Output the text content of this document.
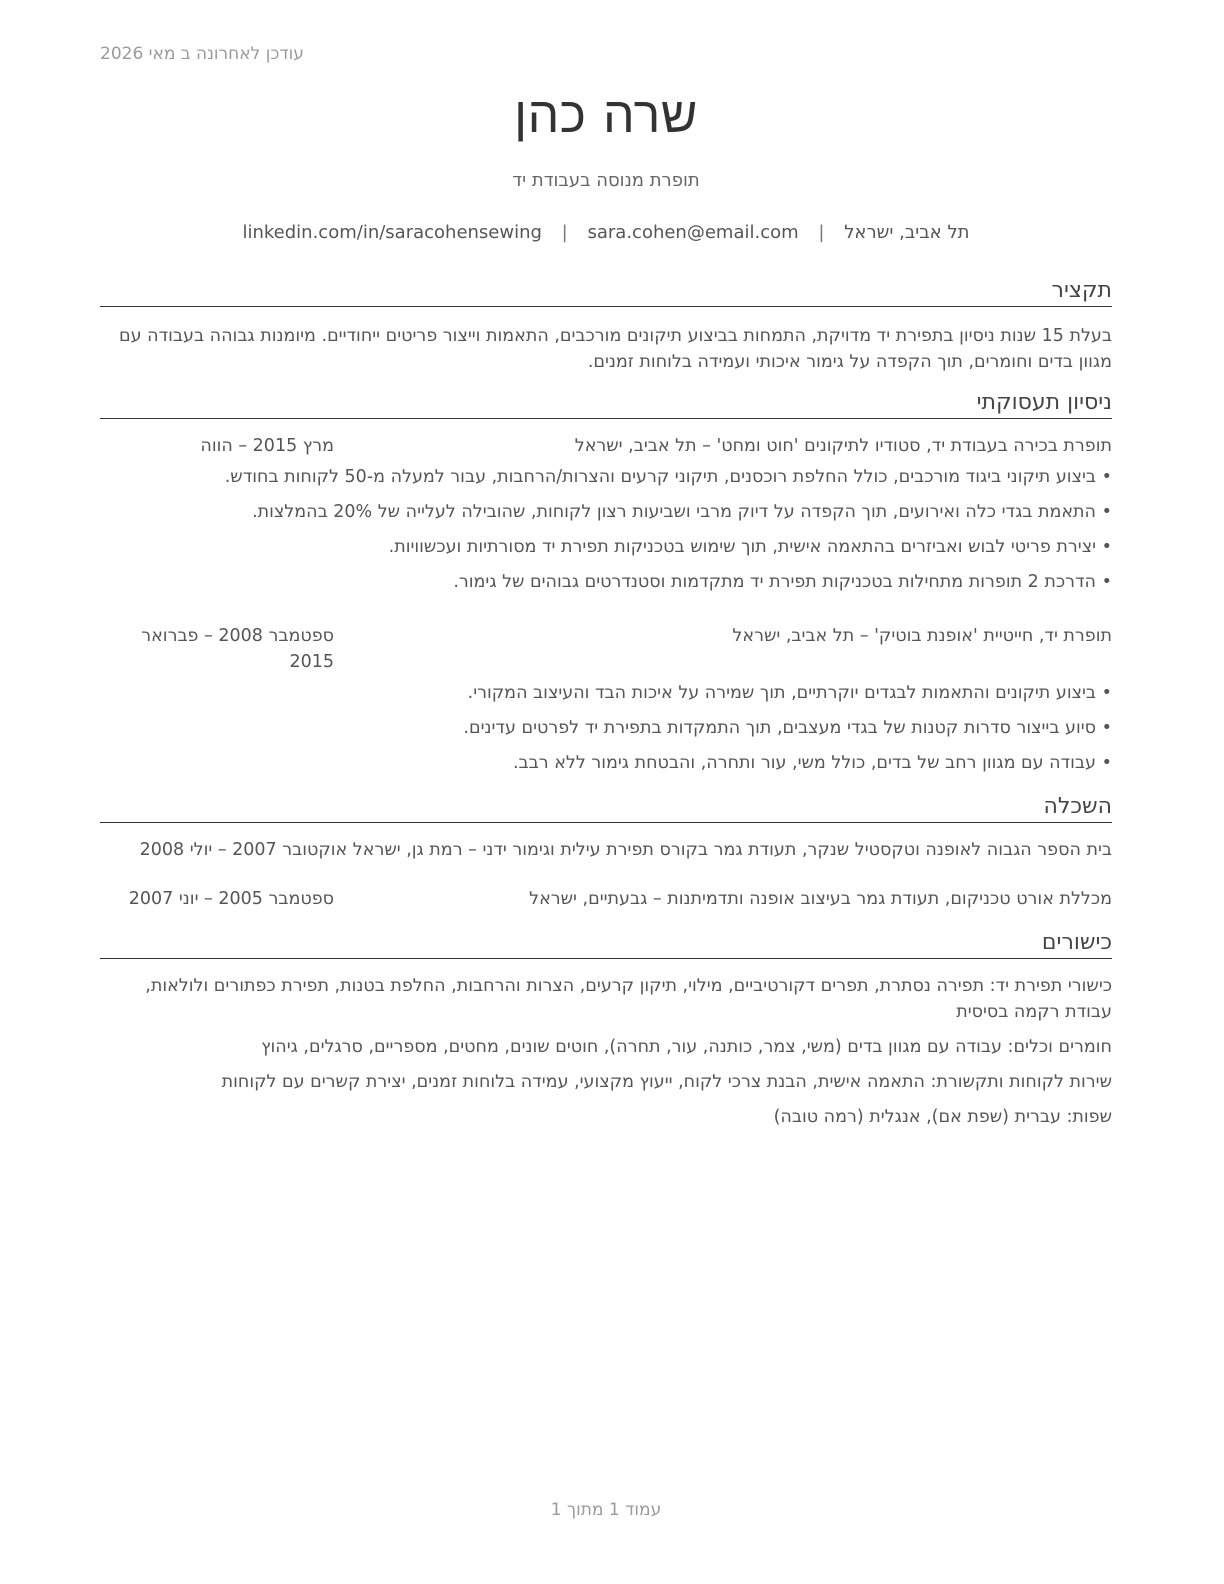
עודכן לאחרונה ב מאי 2026
שרה כהן
תופרת מנוסה בעבודת יד
תל אביב, ישראל | sara.cohen@email.com | linkedin.com/in/saracohensewing
תקציר
בעלת 15 שנות ניסיון בתפירת יד מדויקת, התמחות בביצוע תיקונים מורכבים, התאמות וייצור פריטים ייחודיים. מיומנות גבוהה בעבודה עם מגוון בדים וחומרים, תוך הקפדה על גימור איכותי ועמידה בלוחות זמנים.
ניסיון תעסוקתי
תופרת בכירה בעבודת יד, סטודיו לתיקונים 'חוט ומחט' – תל אביב, ישראל
מרץ 2015 – הווה
• ביצוע תיקוני ביגוד מורכבים, כולל החלפת רוכסנים, תיקוני קרעים והצרות/הרחבות, עבור למעלה מ-50 לקוחות בחודש.
• התאמת בגדי כלה ואירועים, תוך הקפדה על דיוק מרבי ושביעות רצון לקוחות, שהובילה לעלייה של 20% בהמלצות.
• יצירת פריטי לבוש ואביזרים בהתאמה אישית, תוך שימוש בטכניקות תפירת יד מסורתיות ועכשוויות.
• הדרכת 2 תופרות מתחילות בטכניקות תפירת יד מתקדמות וסטנדרטים גבוהים של גימור.
תופרת יד, חייטיית 'אופנת בוטיק' – תל אביב, ישראל
ספטמבר 2008 – פברואר 2015
• ביצוע תיקונים והתאמות לבגדים יוקרתיים, תוך שמירה על איכות הבד והעיצוב המקורי.
• סיוע בייצור סדרות קטנות של בגדי מעצבים, תוך התמקדות בתפירת יד לפרטים עדינים.
• עבודה עם מגוון רחב של בדים, כולל משי, עור ותחרה, והבטחת גימור ללא רבב.
השכלה
בית הספר הגבוה לאופנה וטקסטיל שנקר, תעודת גמר בקורס תפירת עילית וגימור ידני – רמת גן, ישראל אוקטובר 2007 – יולי 2008
מכללת אורט טכניקום, תעודת גמר בעיצוב אופנה ותדמיתנות – גבעתיים, ישראל
ספטמבר 2005 – יוני 2007
כישורים
כישורי תפירת יד: תפירה נסתרת, תפרים דקורטיביים, מילוי, תיקון קרעים, הצרות והרחבות, החלפת בטנות, תפירת כפתורים ולולאות, עבודת רקמה בסיסית
חומרים וכלים: עבודה עם מגוון בדים (משי, צמר, כותנה, עור, תחרה), חוטים שונים, מחטים, מספריים, סרגלים, גיהוץ
שירות לקוחות ותקשורת: התאמה אישית, הבנת צרכי לקוח, ייעוץ מקצועי, עמידה בלוחות זמנים, יצירת קשרים עם לקוחות
שפות: עברית (שפת אם), אנגלית (רמה טובה)
עמוד 1 מתוך 1
